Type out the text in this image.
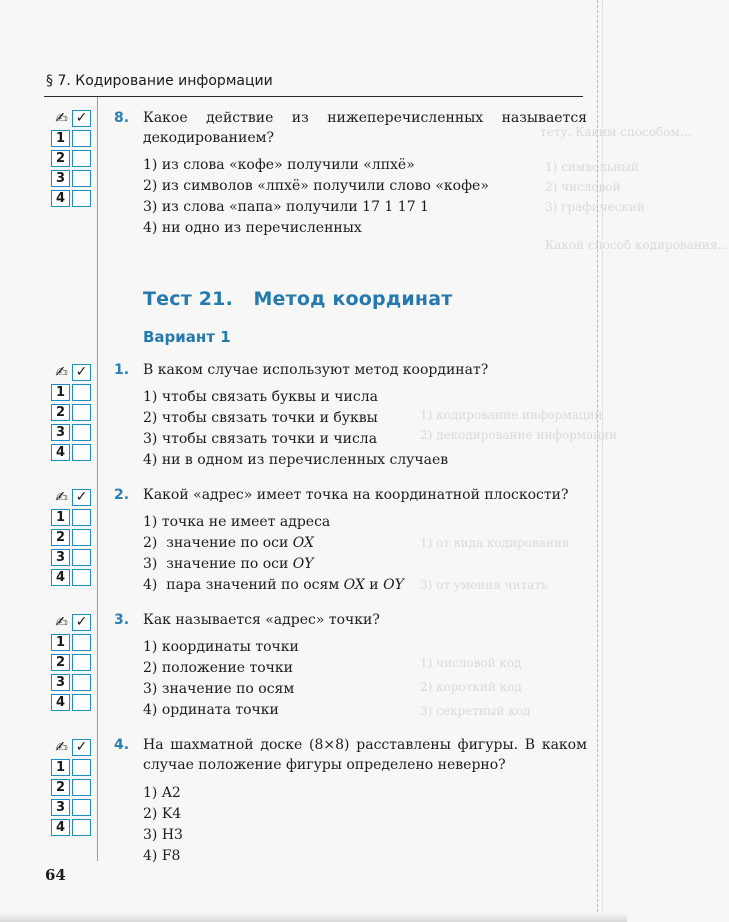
тету. Каким способом...
1) символьный
2) числовой
3) графический
Какой способ кодирования...
1) кодирование информации
2) декодирование информации
1) от вида кодирования
3) от умения читать
1) числовой код
2) короткий код
3) секретный код
§ 7. Кодирование информации
✍ ✓
1
2
3
4
✍ ✓
1
2
3
4
✍ ✓
1
2
3
4
✍ ✓
1
2
3
4
✍ ✓
1
2
3
4
8. Какое действие из нижеперечисленных называется декодированием?
1) из слова «кофе» получили «лпхё»
2) из символов «лпхё» получили слово «кофе»
3) из слова «папа» получили 17 1 17 1
4) ни одно из перечисленных
Тест 21.   Метод координат
Вариант 1
1. В каком случае используют метод координат?
1) чтобы связать буквы и числа
2) чтобы связать точки и буквы
3) чтобы связать точки и числа
4) ни в одном из перечисленных случаев
2. Какой «адрес» имеет точка на координатной плоскости?
1) точка не имеет адреса
2)  значение по оси OX
3)  значение по оси OY
4)  пара значений по осям OX и OY
3. Как называется «адрес» точки?
1) координаты точки
2) положение точки
3) значение по осям
4) ордината точки
4. На шахматной доске (8×8) расставлены фигуры. В каком случае положение фигуры определено неверно?
1) A2
2) K4
3) H3
4) F8
64
